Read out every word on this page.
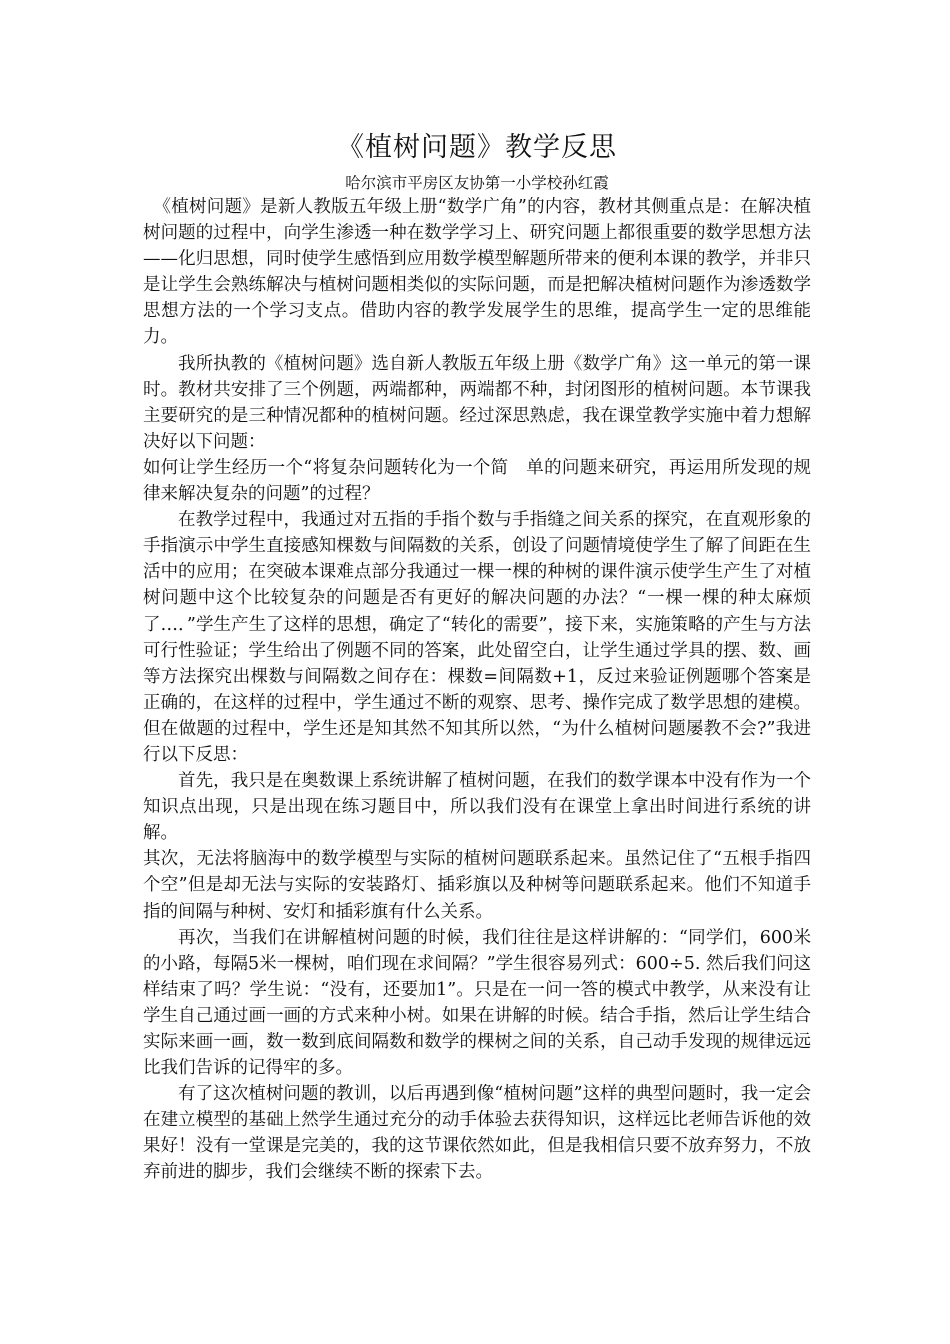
《植树问题》教学反思
哈尔滨市平房区友协第一小学校孙红霞

《植树问题》是新人教版五年级上册“数学广角”的内容，教材其侧重点是：在解决植树问题的过程中，向学生渗透一种在数学学习上、研究问题上都很重要的数学思想方法——化归思想，同时使学生感悟到应用数学模型解题所带来的便利本课的教学，并非只是让学生会熟练解决与植树问题相类似的实际问题，而是把解决植树问题作为渗透数学思想方法的一个学习支点。借助内容的教学发展学生的思维，提高学生一定的思维能力。

我所执教的《植树问题》选自新人教版五年级上册《数学广角》这一单元的第一课时。教材共安排了三个例题，两端都种，两端都不种，封闭图形的植树问题。本节课我主要研究的是三种情况都种的植树问题。经过深思熟虑，我在课堂教学实施中着力想解决好以下问题：

如何让学生经历一个“将复杂问题转化为一个简　单的问题来研究，再运用所发现的规律来解决复杂的问题”的过程？

在教学过程中，我通过对五指的手指个数与手指缝之间关系的探究，在直观形象的手指演示中学生直接感知棵数与间隔数的关系，创设了问题情境使学生了解了间距在生活中的应用；在突破本课难点部分我通过一棵一棵的种树的课件演示使学生产生了对植树问题中这个比较复杂的问题是否有更好的解决问题的办法？“一棵一棵的种太麻烦了…．”学生产生了这样的思想，确定了“转化的需要”，接下来，实施策略的产生与方法可行性验证；学生给出了例题不同的答案，此处留空白，让学生通过学具的摆、数、画等方法探究出棵数与间隔数之间存在：棵数=间隔数+1，反过来验证例题哪个答案是正确的，在这样的过程中，学生通过不断的观察、思考、操作完成了数学思想的建模。但在做题的过程中，学生还是知其然不知其所以然，“为什么植树问题屡教不会?”我进行以下反思：

首先，我只是在奥数课上系统讲解了植树问题，在我们的数学课本中没有作为一个知识点出现，只是出现在练习题目中，所以我们没有在课堂上拿出时间进行系统的讲解。

其次，无法将脑海中的数学模型与实际的植树问题联系起来。虽然记住了“五根手指四个空”但是却无法与实际的安装路灯、插彩旗以及种树等问题联系起来。他们不知道手指的间隔与种树、安灯和插彩旗有什么关系。

再次，当我们在讲解植树问题的时候，我们往往是这样讲解的：“同学们，600米的小路，每隔5米一棵树，咱们现在求间隔？”学生很容易列式：600÷5. 然后我们问这样结束了吗？学生说：“没有，还要加1”。只是在一问一答的模式中教学，从来没有让学生自己通过画一画的方式来种小树。如果在讲解的时候。结合手指，然后让学生结合实际来画一画，数一数到底间隔数和数学的棵树之间的关系，自己动手发现的规律远远比我们告诉的记得牢的多。

有了这次植树问题的教训，以后再遇到像“植树问题”这样的典型问题时，我一定会在建立模型的基础上然学生通过充分的动手体验去获得知识，这样远比老师告诉他的效果好！没有一堂课是完美的，我的这节课依然如此，但是我相信只要不放弃努力，不放弃前进的脚步，我们会继续不断的探索下去。
